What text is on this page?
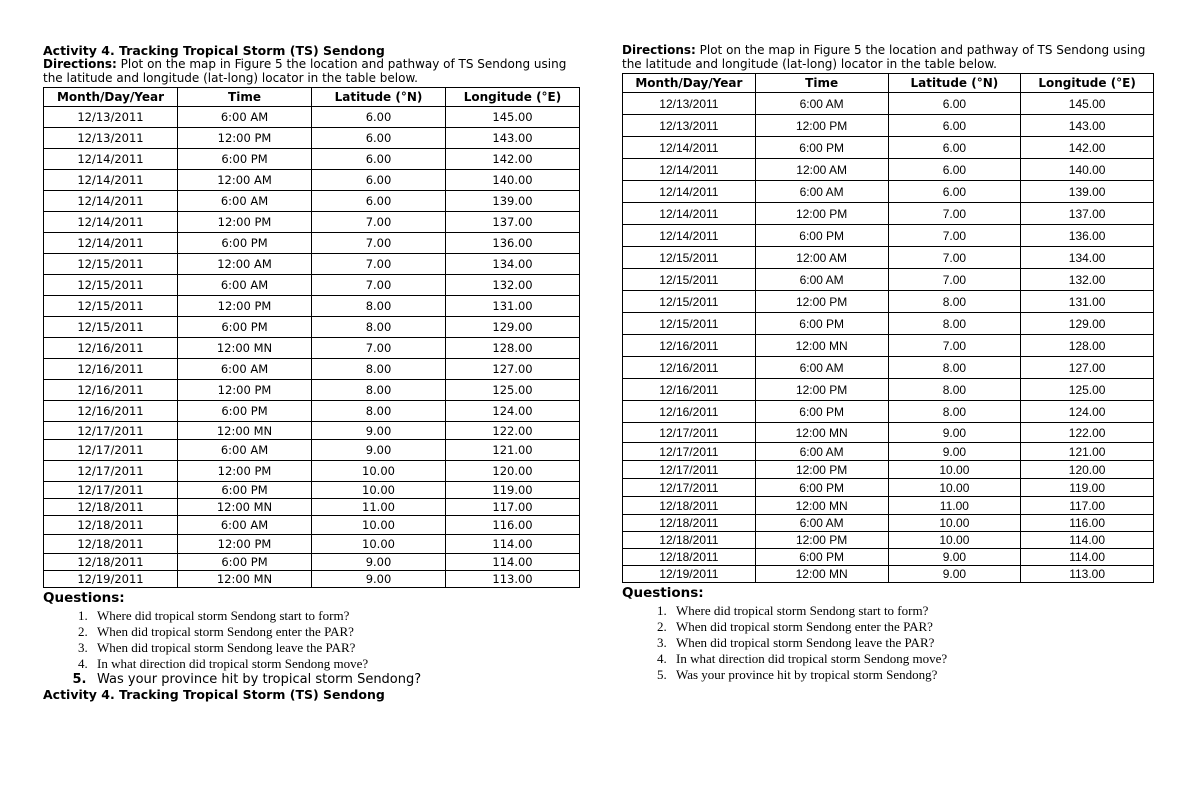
Activity 4. Tracking Tropical Storm (TS) Sendong
Directions: Plot on the map in Figure 5 the location and pathway of TS Sendong using the latitude and longitude (lat-long) locator in the table below.
Month/Day/Year	Time	Latitude (°N)	Longitude (°E)
12/13/2011	6:00 AM	6.00	145.00
12/13/2011	12:00 PM	6.00	143.00
12/14/2011	6:00 PM	6.00	142.00
12/14/2011	12:00 AM	6.00	140.00
12/14/2011	6:00 AM	6.00	139.00
12/14/2011	12:00 PM	7.00	137.00
12/14/2011	6:00 PM	7.00	136.00
12/15/2011	12:00 AM	7.00	134.00
12/15/2011	6:00 AM	7.00	132.00
12/15/2011	12:00 PM	8.00	131.00
12/15/2011	6:00 PM	8.00	129.00
12/16/2011	12:00 MN	7.00	128.00
12/16/2011	6:00 AM	8.00	127.00
12/16/2011	12:00 PM	8.00	125.00
12/16/2011	6:00 PM	8.00	124.00
12/17/2011	12:00 MN	9.00	122.00
12/17/2011	6:00 AM	9.00	121.00
12/17/2011	12:00 PM	10.00	120.00
12/17/2011	6:00 PM	10.00	119.00
12/18/2011	12:00 MN	11.00	117.00
12/18/2011	6:00 AM	10.00	116.00
12/18/2011	12:00 PM	10.00	114.00
12/18/2011	6:00 PM	9.00	114.00
12/19/2011	12:00 MN	9.00	113.00
Questions:
1. Where did tropical storm Sendong start to form?
2. When did tropical storm Sendong enter the PAR?
3. When did tropical storm Sendong leave the PAR?
4. In what direction did tropical storm Sendong move?
5. Was your province hit by tropical storm Sendong?
Activity 4. Tracking Tropical Storm (TS) Sendong
Directions: Plot on the map in Figure 5 the location and pathway of TS Sendong using the latitude and longitude (lat-long) locator in the table below.
Month/Day/Year	Time	Latitude (°N)	Longitude (°E)
12/13/2011	6:00 AM	6.00	145.00
12/13/2011	12:00 PM	6.00	143.00
12/14/2011	6:00 PM	6.00	142.00
12/14/2011	12:00 AM	6.00	140.00
12/14/2011	6:00 AM	6.00	139.00
12/14/2011	12:00 PM	7.00	137.00
12/14/2011	6:00 PM	7.00	136.00
12/15/2011	12:00 AM	7.00	134.00
12/15/2011	6:00 AM	7.00	132.00
12/15/2011	12:00 PM	8.00	131.00
12/15/2011	6:00 PM	8.00	129.00
12/16/2011	12:00 MN	7.00	128.00
12/16/2011	6:00 AM	8.00	127.00
12/16/2011	12:00 PM	8.00	125.00
12/16/2011	6:00 PM	8.00	124.00
12/17/2011	12:00 MN	9.00	122.00
12/17/2011	6:00 AM	9.00	121.00
12/17/2011	12:00 PM	10.00	120.00
12/17/2011	6:00 PM	10.00	119.00
12/18/2011	12:00 MN	11.00	117.00
12/18/2011	6:00 AM	10.00	116.00
12/18/2011	12:00 PM	10.00	114.00
12/18/2011	6:00 PM	9.00	114.00
12/19/2011	12:00 MN	9.00	113.00
Questions:
1. Where did tropical storm Sendong start to form?
2. When did tropical storm Sendong enter the PAR?
3. When did tropical storm Sendong leave the PAR?
4. In what direction did tropical storm Sendong move?
5. Was your province hit by tropical storm Sendong?
